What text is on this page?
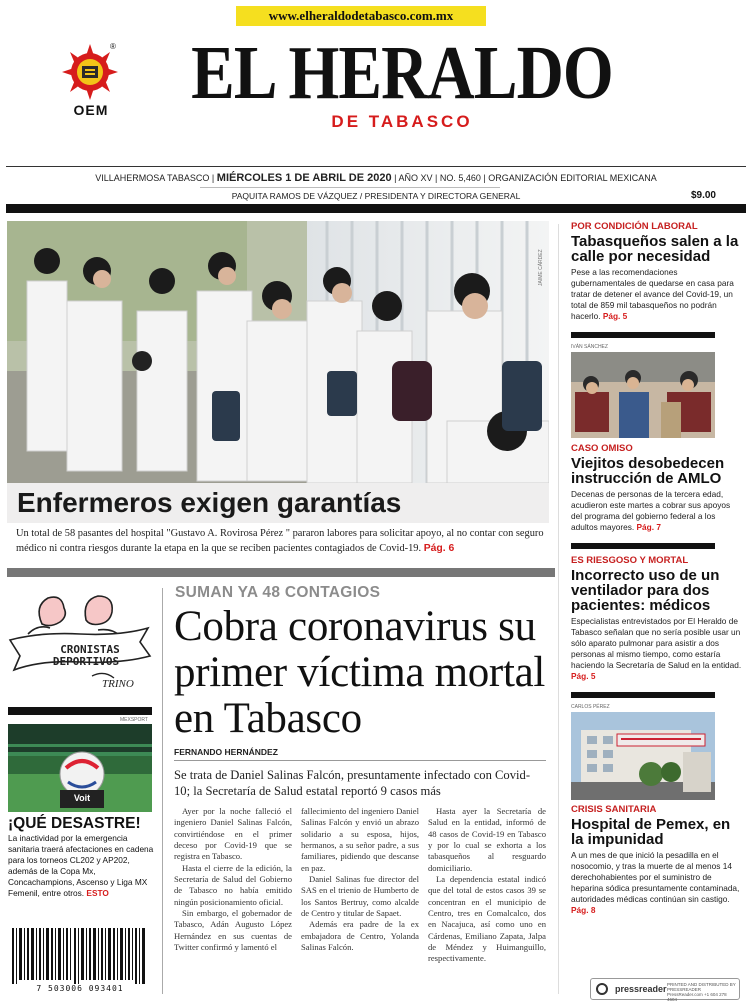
www.elheraldodetabasco.com.mx
OEM
® EL HERALDO
DE TABASCO
VILLAHERMOSA TABASCO | MIÉRCOLES 1 DE ABRIL DE 2020 | AÑO XV | NO. 5,460 | ORGANIZACIÓN EDITORIAL MEXICANA
PAQUITA RAMOS DE VÁZQUEZ / PRESIDENTA Y DIRECTORA GENERAL	$9.00
JAIME CÁRDEZ
Enfermeros exigen garantías
Un total de 58 pasantes del hospital "Gustavo A. Rovirosa Pérez " pararon labores para solicitar apoyo, al no contar con seguro médico ni contra riesgos durante la etapa en la que se reciben pacientes contagiados de Covid-19. Pág. 6
POR CONDICIÓN LABORAL
Tabasqueños salen a la calle por necesidad
Pese a las recomendaciones gubernamentales de quedarse en casa para tratar de detener el avance del Covid-19, un total de 859 mil tabasqueños no podrán hacerlo. Pág. 5
IVÁN SÁNCHEZ
CASO OMISO
Viejitos desobedecen instrucción de AMLO
Decenas de personas de la tercera edad, acudieron este martes a cobrar sus apoyos del programa del gobierno federal a los adultos mayores. Pág. 7
ES RIESGOSO Y MORTAL
Incorrecto uso de un ventilador para dos pacientes: médicos
Especialistas entrevistados por El Heraldo de Tabasco señalan que no sería posible usar un sólo aparato pulmonar para asistir a dos personas al mismo tiempo, como estaría haciendo la Secretaría de Salud en la entidad. Pág. 5
CARLOS PÉREZ
CRISIS SANITARIA
Hospital de Pemex, en la impunidad
A un mes de que inició la pesadilla en el nosocomio, y tras la muerte de al menos 14 derechohabientes por el suministro de heparina sódica presuntamente contaminada, autoridades médicas continúan sin castigo. Pág. 8
CRONISTAS
DEPORTIVOS
TRINO
MEXSPORT
Voit
¡QUÉ DESASTRE!
La inactividad por la emergencia sanitaria traerá afectaciones en cadena para los torneos CL202 y AP202, además de la Copa Mx, Concachampions, Ascenso y Liga MX Femenil, entre otros. ESTO
7 503006 093401
SUMAN YA 48 CONTAGIOS
Cobra coronavirus su primer víctima mortal en Tabasco
FERNANDO HERNÁNDEZ
Se trata de Daniel Salinas Falcón, presuntamente infectado con Covid-10; la Secretaría de Salud estatal reportó 9 casos más

Ayer por la noche falleció el ingeniero Daniel Salinas Falcón, convirtiéndose en el primer deceso por Covid-19 que se registra en Tabasco.

Hasta el cierre de la edición, la Secretaría de Salud del Gobierno de Tabasco no había emitido ningún posicionamiento oficial.

Sin embargo, el gobernador de Tabasco, Adán Augusto López Hernández en sus cuentas de Twitter confirmó y lamentó el

fallecimiento del ingeniero Daniel Salinas Falcón y envió un abrazo solidario a su esposa, hijos, hermanos, a su señor padre, a sus familiares, pidiendo que descanse en paz.

Daniel Salinas fue director del SAS en el trienio de Humberto de los Santos Bertruy, como alcalde de Centro y titular de Sapaet.

Además era padre de la ex embajadora de Centro, Yolanda Salinas Falcón.

Hasta ayer la Secretaría de Salud en la entidad, informó de 48 casos de Covid-19 en Tabasco y por lo cual se exhorta a los tabasqueños al resguardo domiciliario.

La dependencia estatal indicó que del total de estos casos 39 se concentran en el municipio de Centro, tres en Comalcalco, dos en Nacajuca, así como uno en Cárdenas, Emiliano Zapata, Jalpa de Méndez y Huimanguillo, respectivamente.

pressreader PRINTED AND DISTRIBUTED BY PRESSREADER PressReader.com +1 604 278 4604
